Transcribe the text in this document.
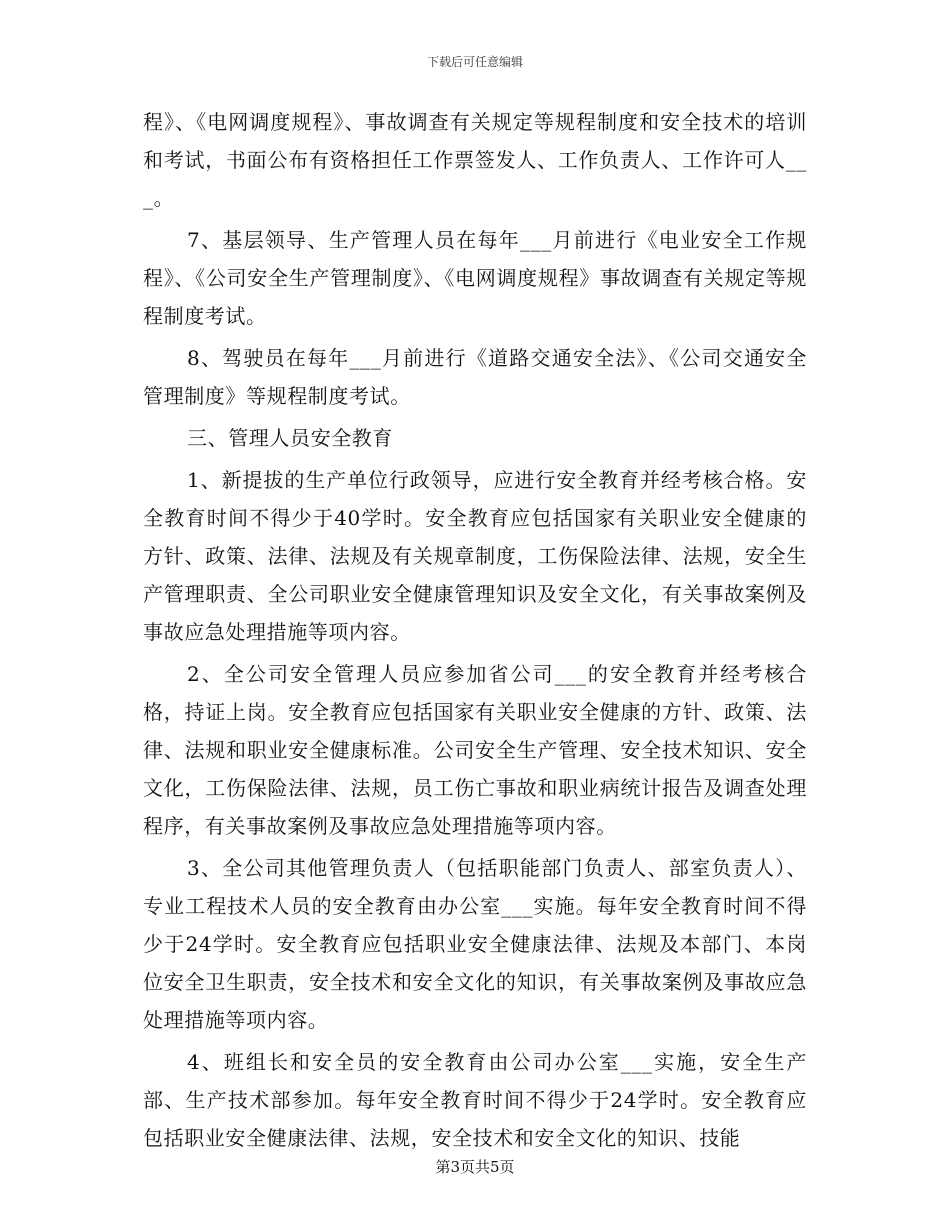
下载后可任意编辑

程》、《电网调度规程》、事故调查有关规定等规程制度和安全技术的培训和考试，书面公布有资格担任工作票签发人、工作负责人、工作许可人___。

7、基层领导、生产管理人员在每年___月前进行《电业安全工作规程》、《公司安全生产管理制度》、《电网调度规程》事故调查有关规定等规程制度考试。

8、驾驶员在每年___月前进行《道路交通安全法》、《公司交通安全管理制度》等规程制度考试。

三、管理人员安全教育

1、新提拔的生产单位行政领导，应进行安全教育并经考核合格。安全教育时间不得少于40学时。安全教育应包括国家有关职业安全健康的方针、政策、法律、法规及有关规章制度，工伤保险法律、法规，安全生产管理职责、全公司职业安全健康管理知识及安全文化，有关事故案例及事故应急处理措施等项内容。

2、全公司安全管理人员应参加省公司___的安全教育并经考核合格，持证上岗。安全教育应包括国家有关职业安全健康的方针、政策、法律、法规和职业安全健康标准。公司安全生产管理、安全技术知识、安全文化，工伤保险法律、法规，员工伤亡事故和职业病统计报告及调查处理程序，有关事故案例及事故应急处理措施等项内容。

3、全公司其他管理负责人（包括职能部门负责人、部室负责人）、专业工程技术人员的安全教育由办公室___实施。每年安全教育时间不得少于24学时。安全教育应包括职业安全健康法律、法规及本部门、本岗位安全卫生职责，安全技术和安全文化的知识，有关事故案例及事故应急处理措施等项内容。

4、班组长和安全员的安全教育由公司办公室___实施，安全生产部、生产技术部参加。每年安全教育时间不得少于24学时。安全教育应包括职业安全健康法律、法规，安全技术和安全文化的知识、技能

第3页共5页
